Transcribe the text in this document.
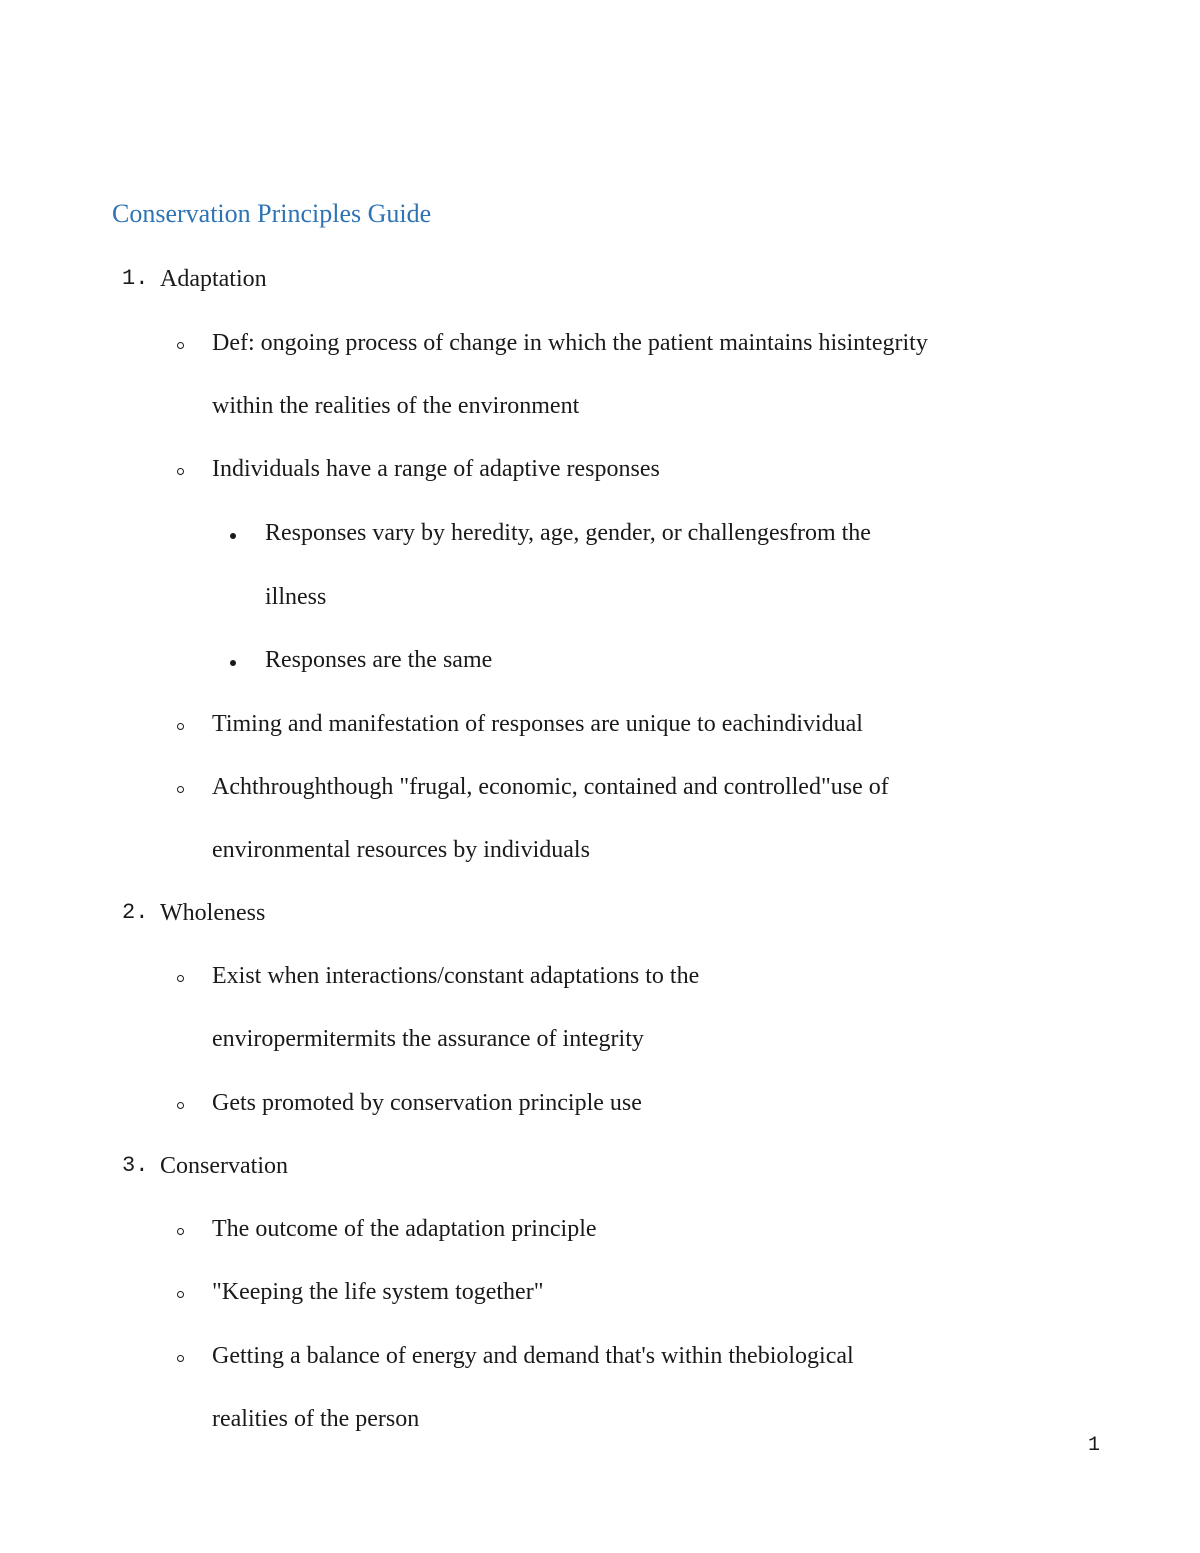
Conservation Principles Guide
1. Adaptation
Def: ongoing process of change in which the patient maintains hisintegrity
within the realities of the environment
Individuals have a range of adaptive responses
Responses vary by heredity, age, gender, or challengesfrom the
illness
Responses are the same
Timing and manifestation of responses are unique to eachindividual
Achthroughthough "frugal, economic, contained and controlled"use of
environmental resources by individuals
2. Wholeness
Exist when interactions/constant adaptations to the
enviropermitermits the assurance of integrity
Gets promoted by conservation principle use
3. Conservation
The outcome of the adaptation principle
"Keeping the life system together"
Getting a balance of energy and demand that's within thebiological
realities of the person
1
